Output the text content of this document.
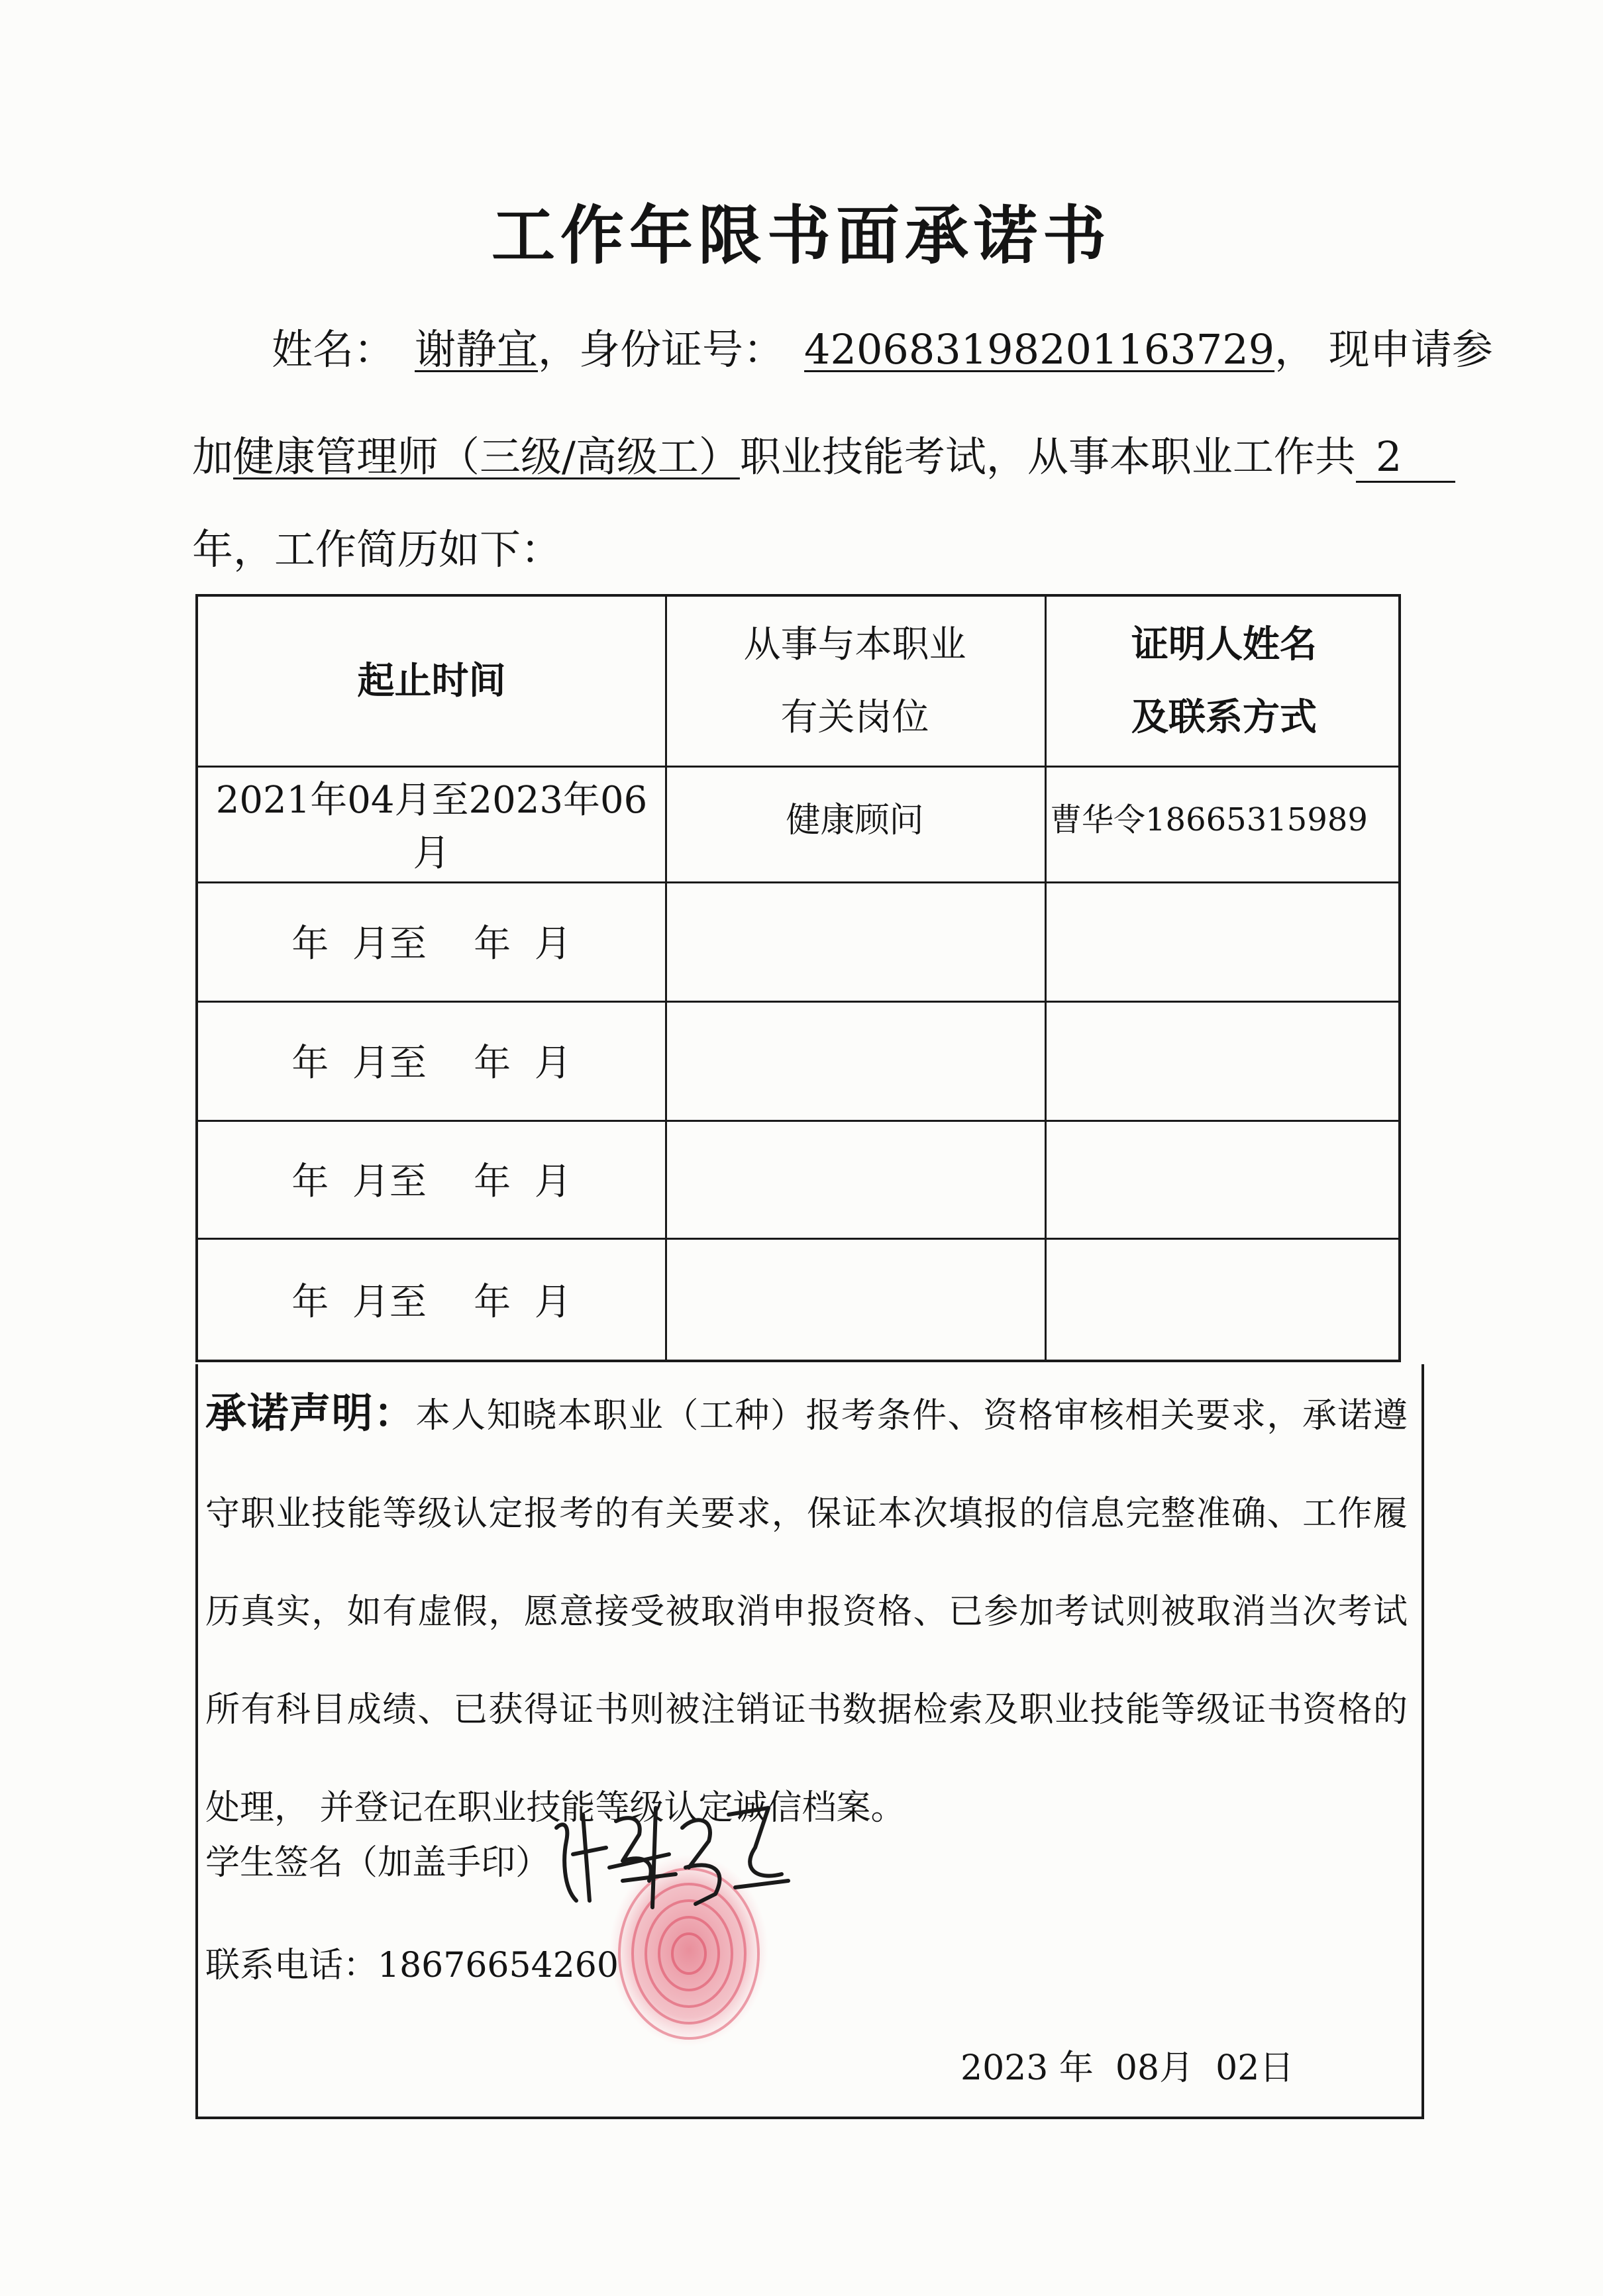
工作年限书面承诺书
姓名： 谢静宜，身份证号： 420683198201163729， 现申请参
加健康管理师（三级/高级工）职业技能考试，从事本职业工作共 2
年，工作简历如下：
起止时间
从事与本职业
有关岗位
证明人姓名
及联系方式
2021年04月至2023年06月
健康顾问	曹华令18665315989
年  月至    年  月
年  月至    年  月
年  月至    年  月
年  月至    年  月
承诺声明：本人知晓本职业（工种）报考条件、资格审核相关要求，承诺遵守职业技能等级认定报考的有关要求，保证本次填报的信息完整准确、工作履历真实，如有虚假，愿意接受被取消申报资格、已参加考试则被取消当次考试所有科目成绩、已获得证书则被注销证书数据检索及职业技能等级证书资格的处理， 并登记在职业技能等级认定诚信档案。
学生签名（加盖手印）
联系电话：18676654260
2023 年  08月  02日
